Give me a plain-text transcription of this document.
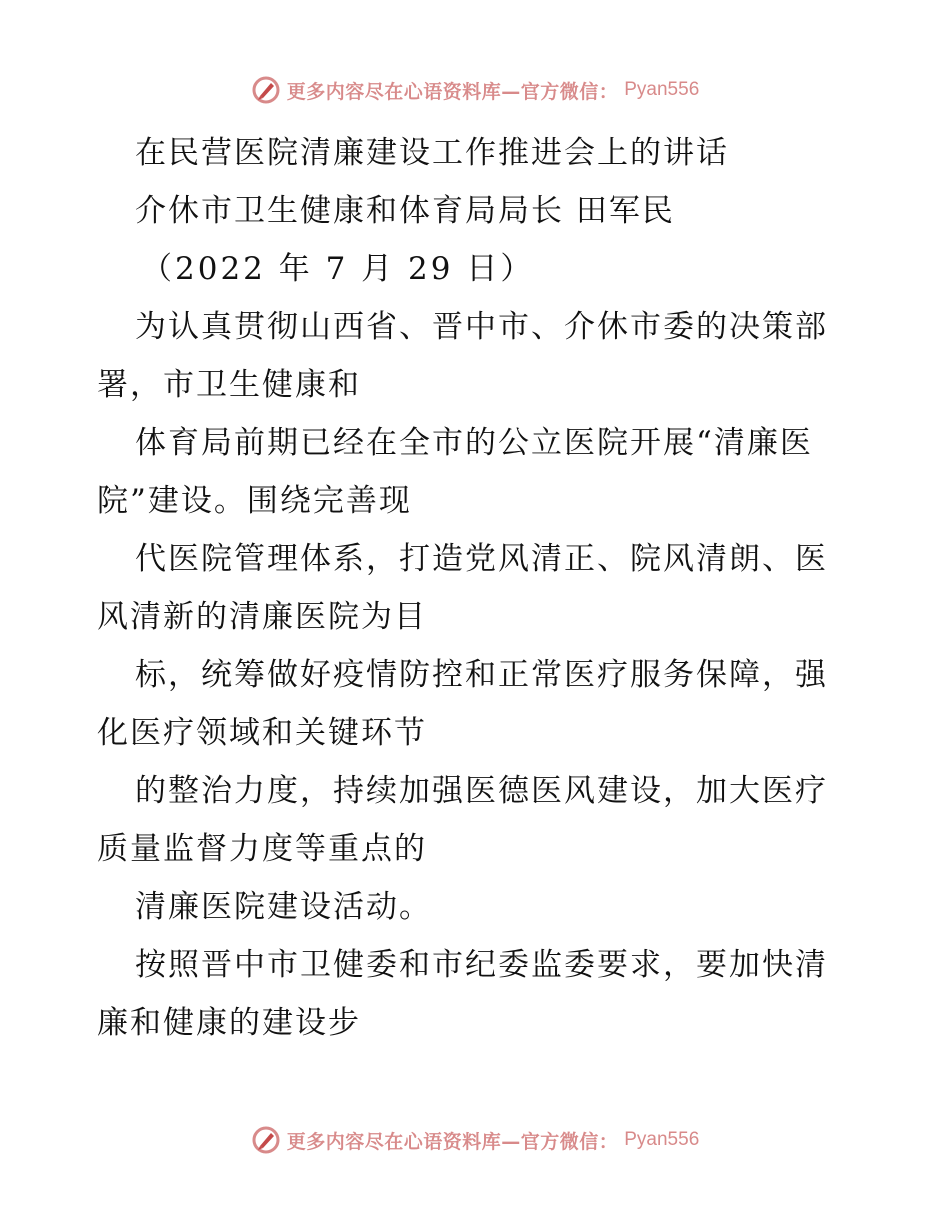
更多内容尽在心语资料库—官方微信： Pyan556
在民营医院清廉建设工作推进会上的讲话
介休市卫生健康和体育局局长 田军民
（2022 年 7 月 29 日）
为认真贯彻山西省、晋中市、介休市委的决策部
署，市卫生健康和
体育局前期已经在全市的公立医院开展“清廉医
院”建设。围绕完善现
代医院管理体系，打造党风清正、院风清朗、医
风清新的清廉医院为目
标，统筹做好疫情防控和正常医疗服务保障，强
化医疗领域和关键环节
的整治力度，持续加强医德医风建设，加大医疗
质量监督力度等重点的
清廉医院建设活动。
按照晋中市卫健委和市纪委监委要求，要加快清
廉和健康的建设步
更多内容尽在心语资料库—官方微信： Pyan556
